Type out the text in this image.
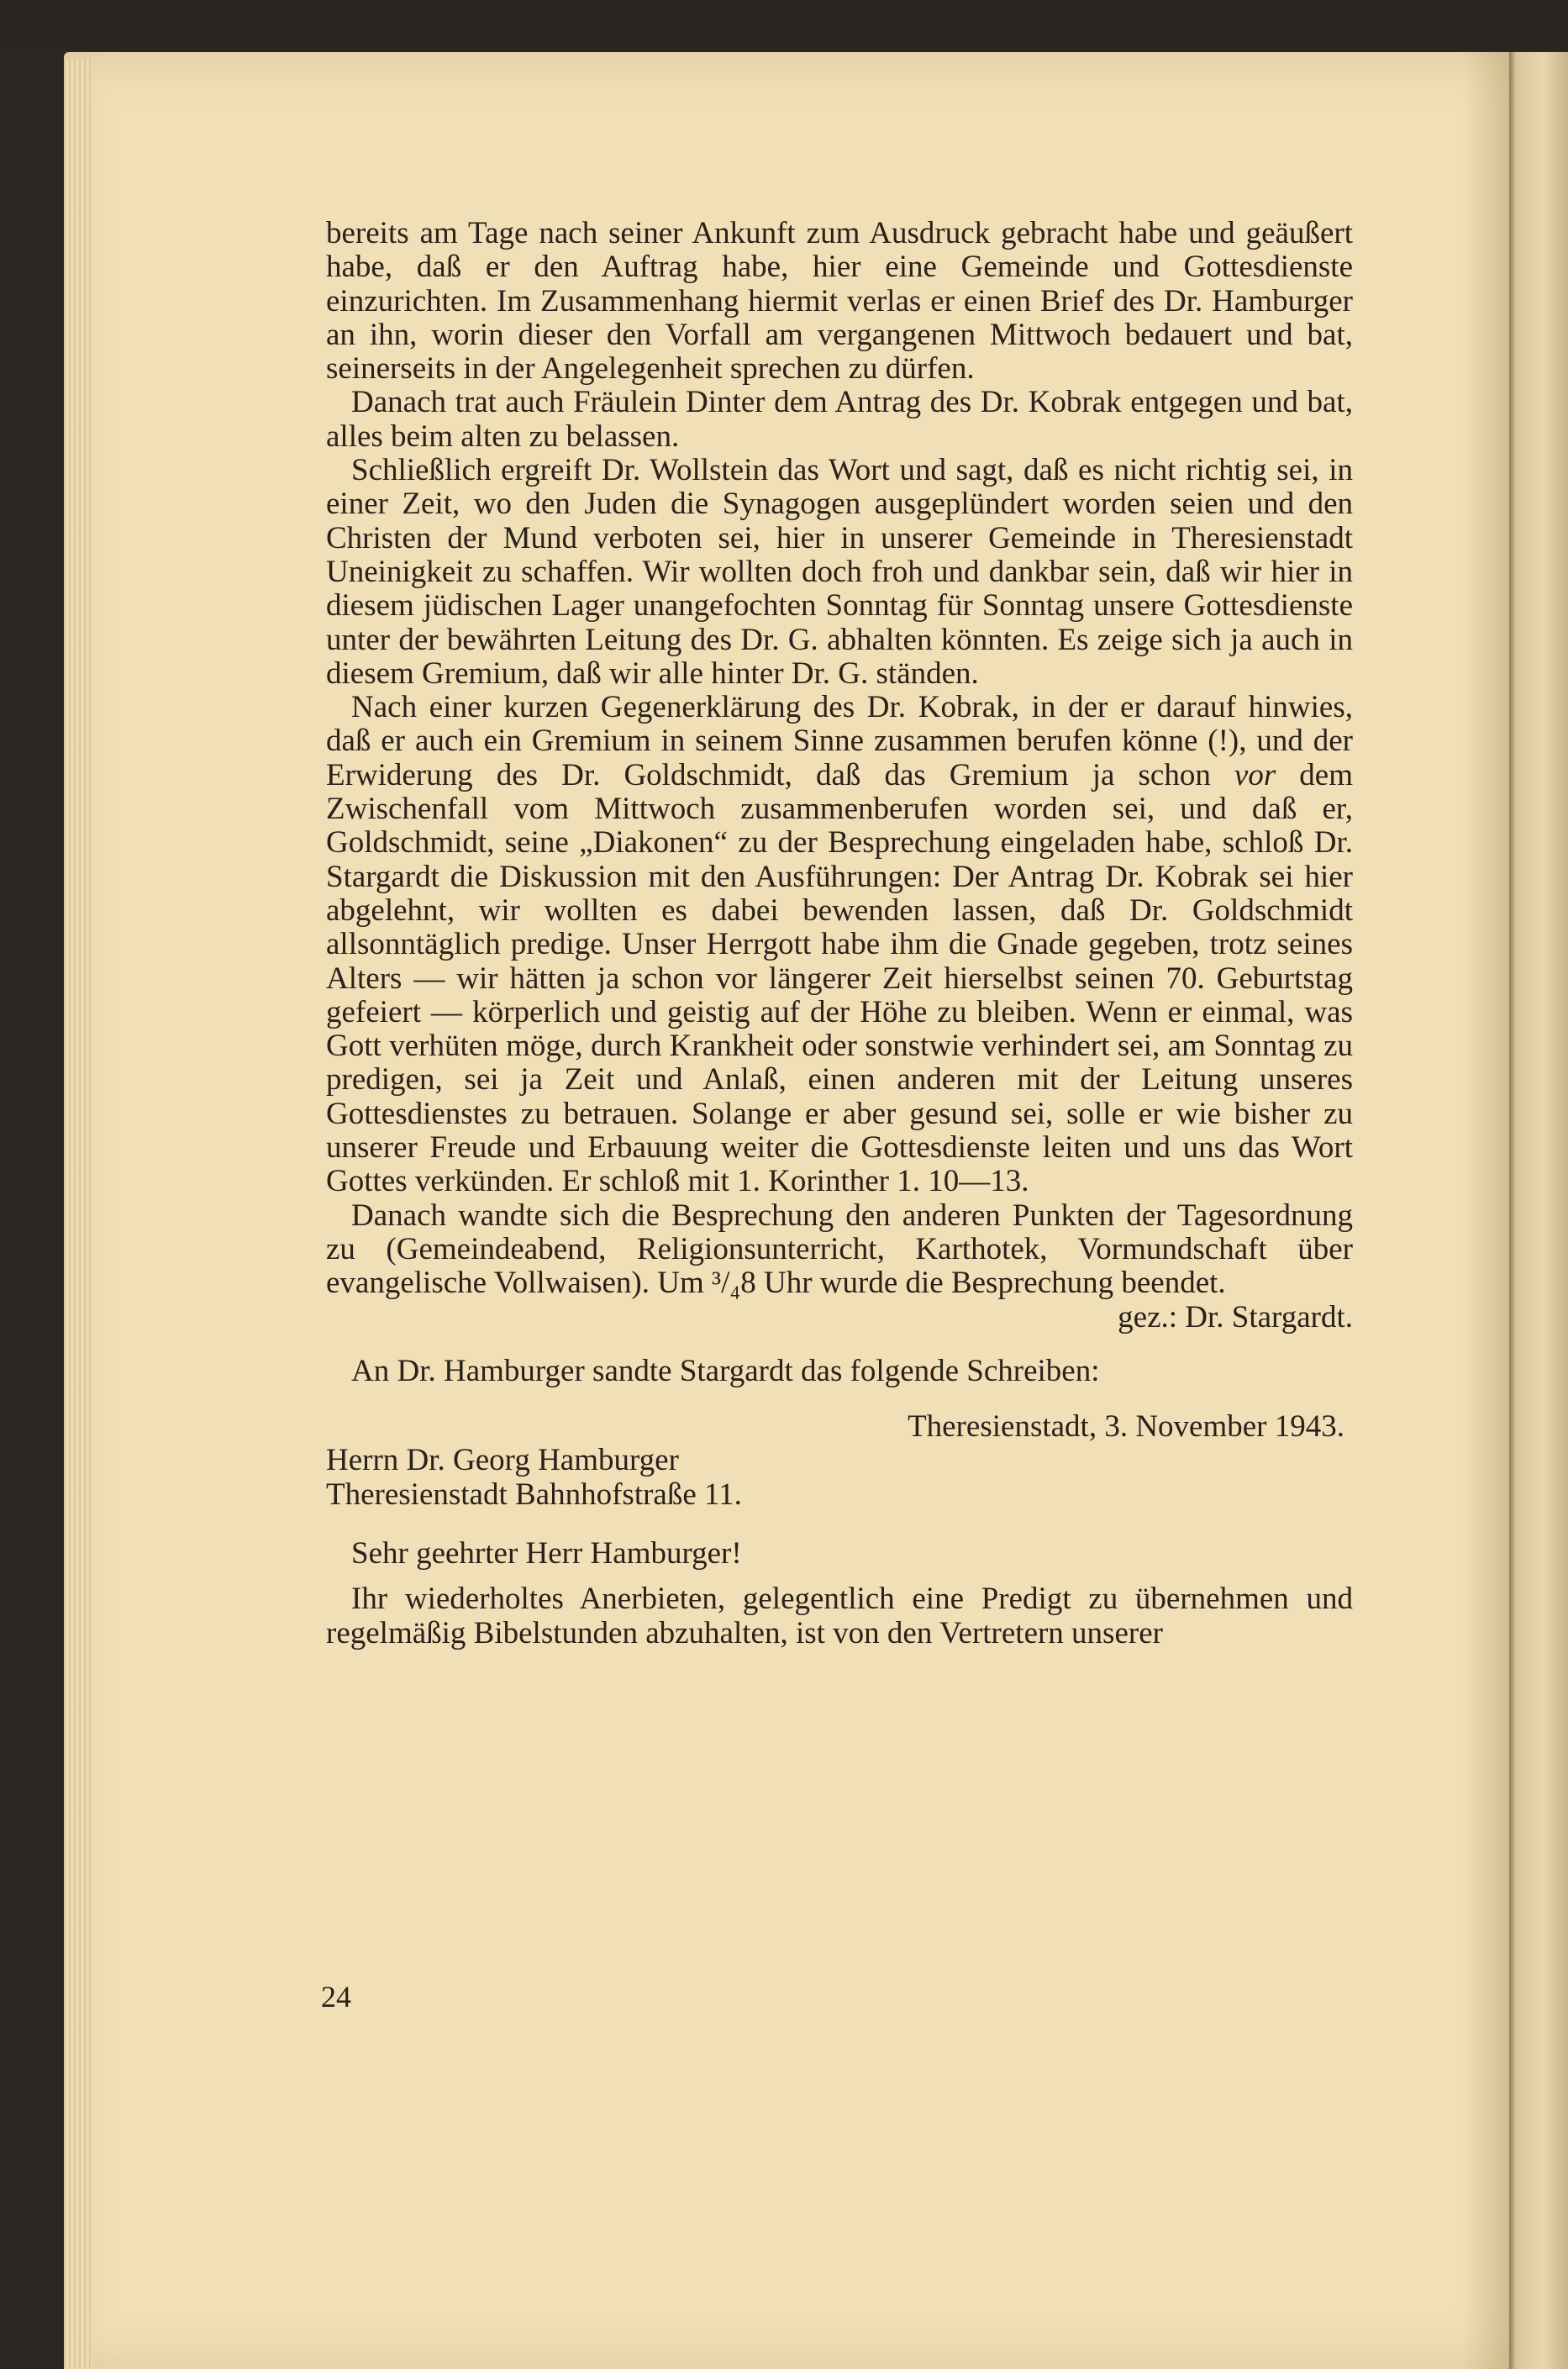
bereits am Tage nach seiner Ankunft zum Ausdruck gebracht habe und geäußert habe, daß er den Auftrag habe, hier eine Gemeinde und Gottesdienste einzurichten. Im Zusammenhang hiermit verlas er einen Brief des Dr. Hamburger an ihn, worin dieser den Vorfall am vergangenen Mittwoch bedauert und bat, seinerseits in der Angelegenheit sprechen zu dürfen.

Danach trat auch Fräulein Dinter dem Antrag des Dr. Kobrak entgegen und bat, alles beim alten zu belassen.

Schließlich ergreift Dr. Wollstein das Wort und sagt, daß es nicht richtig sei, in einer Zeit, wo den Juden die Synagogen ausgeplündert worden seien und den Christen der Mund verboten sei, hier in unserer Gemeinde in Theresienstadt Uneinigkeit zu schaffen. Wir wollten doch froh und dankbar sein, daß wir hier in diesem jüdischen Lager unangefochten Sonntag für Sonntag unsere Gottesdienste unter der bewährten Leitung des Dr. G. abhalten könnten. Es zeige sich ja auch in diesem Gremium, daß wir alle hinter Dr. G. ständen.

Nach einer kurzen Gegenerklärung des Dr. Kobrak, in der er darauf hinwies, daß er auch ein Gremium in seinem Sinne zusammen berufen könne (!), und der Erwiderung des Dr. Goldschmidt, daß das Gremium ja schon vor dem Zwischenfall vom Mittwoch zusammenberufen worden sei, und daß er, Goldschmidt, seine „Diakonen“ zu der Besprechung eingeladen habe, schloß Dr. Stargardt die Diskussion mit den Ausführungen: Der Antrag Dr. Kobrak sei hier abgelehnt, wir wollten es dabei bewenden lassen, daß Dr. Goldschmidt allsonntäglich predige. Unser Herrgott habe ihm die Gnade gegeben, trotz seines Alters — wir hätten ja schon vor längerer Zeit hierselbst seinen 70. Geburtstag gefeiert — körperlich und geistig auf der Höhe zu bleiben. Wenn er einmal, was Gott verhüten möge, durch Krankheit oder sonstwie verhindert sei, am Sonntag zu predigen, sei ja Zeit und Anlaß, einen anderen mit der Leitung unseres Gottesdienstes zu betrauen. Solange er aber gesund sei, solle er wie bisher zu unserer Freude und Erbauung weiter die Gottesdienste leiten und uns das Wort Gottes verkünden. Er schloß mit 1. Korinther 1. 10—13.

Danach wandte sich die Besprechung den anderen Punkten der Tagesordnung zu (Gemeindeabend, Religionsunterricht, Karthotek, Vormundschaft über evangelische Vollwaisen). Um ³/₄8 Uhr wurde die Besprechung beendet.

gez.: Dr. Stargardt.

An Dr. Hamburger sandte Stargardt das folgende Schreiben:

Theresienstadt, 3. November 1943.

Herrn Dr. Georg Hamburger

Theresienstadt Bahnhofstraße 11.

Sehr geehrter Herr Hamburger!

Ihr wiederholtes Anerbieten, gelegentlich eine Predigt zu übernehmen und regelmäßig Bibelstunden abzuhalten, ist von den Vertretern unserer

24
